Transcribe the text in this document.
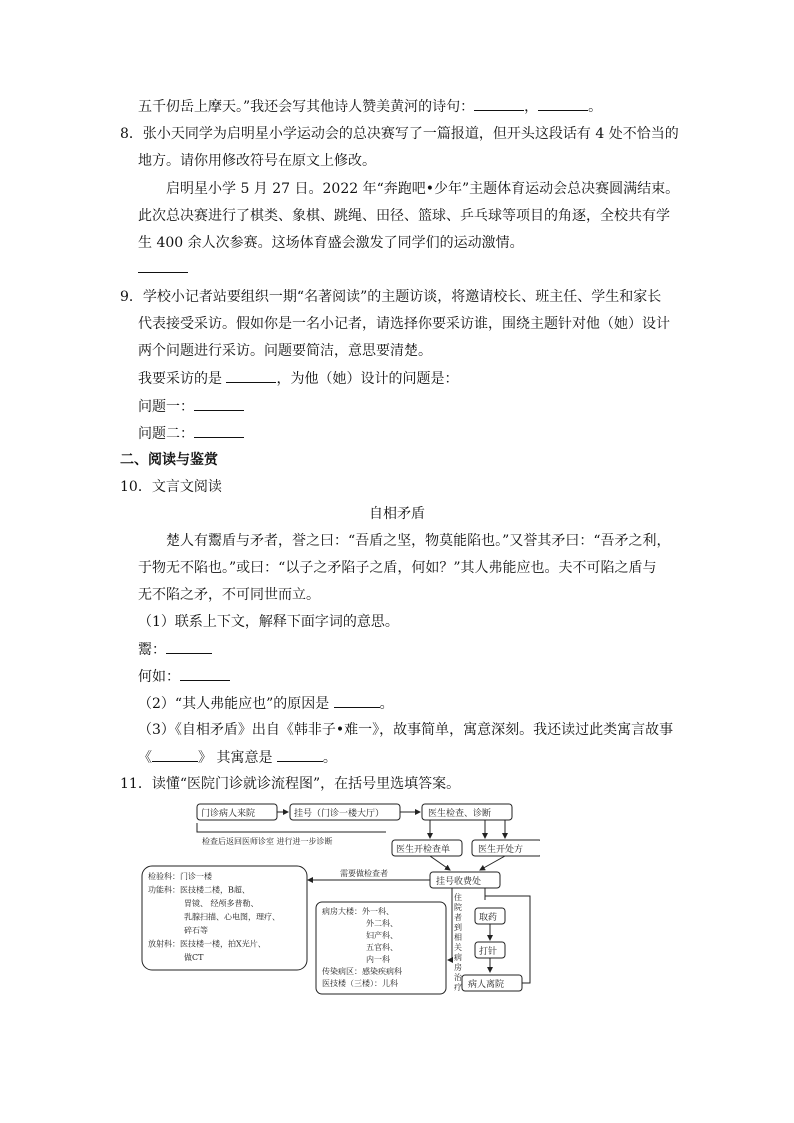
五千仞岳上摩天。”我还会写其他诗人赞美黄河的诗句：	，	。
8．张小天同学为启明星小学运动会的总决赛写了一篇报道，但开头这段话有 4 处不恰当的
地方。请你用修改符号在原文上修改。
启明星小学 5 月 27 日。2022 年“奔跑吧•少年”主题体育运动会总决赛圆满结束。
此次总决赛进行了棋类、象棋、跳绳、田径、篮球、乒乓球等项目的角逐，全校共有学
生 400 余人次参赛。这场体育盛会激发了同学们的运动激情。
9．学校小记者站要组织一期“名著阅读”的主题访谈，将邀请校长、班主任、学生和家长
代表接受采访。假如你是一名小记者，请选择你要采访谁，围绕主题针对他（她）设计
两个问题进行采访。问题要简洁，意思要清楚。
我要采访的是	，为他（她）设计的问题是：
问题一：
问题二：
二、阅读与鉴赏
10．文言文阅读
自相矛盾
楚人有鬻盾与矛者，誉之曰：“吾盾之坚，物莫能陷也。”又誉其矛曰：“吾矛之利，
于物无不陷也。”或曰：“以子之矛陷子之盾，何如？”其人弗能应也。夫不可陷之盾与
无不陷之矛，不可同世而立。
（1）联系上下文，解释下面字词的意思。
鬻：
何如：
（2）“其人弗能应也”的原因是	。
（3）《自相矛盾》出自《韩非子•难一》，故事简单，寓意深刻。我还读过此类寓言故事
《	》 其寓意是	。
11．读懂“医院门诊就诊流程图”，在括号里选填答案。
门诊病人来院	挂号（门诊一楼大厅）	医生检查、诊断
检查后返回医师诊室 进行进一步诊断
医生开检查单	医生开处方
需要做检查者
挂号收费处
取药
打针
病人离院
检验科：门诊一楼
功能科：医技楼二楼，B超、
胃镜、 经颅多普勒、
乳腺扫描、心电图，理疗、
碎石等
放射科：医技楼一楼，拍X光片、
做CT
病房大楼：外一科、
外二科、
妇产科、
五官科、
内一科
传染病区：感染疾病科
医技楼（三楼）：儿科
住
院
者
到
相
关
病
房
治
疗
